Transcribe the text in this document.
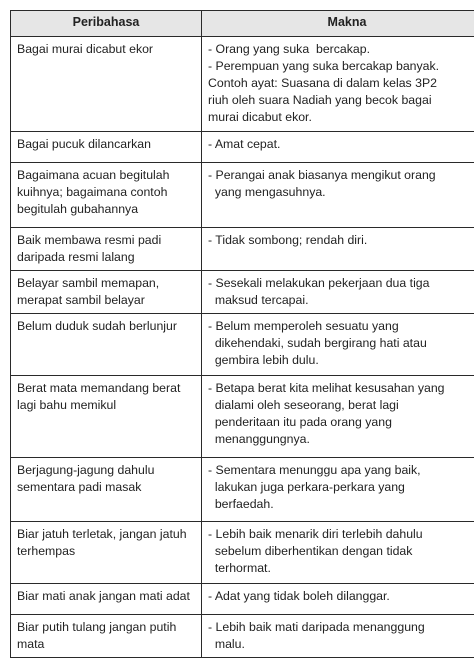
Peribahasa	Makna

Bagai murai dicabut ekor	- Orang yang suka  bercakap.
- Perempuan yang suka bercakap banyak.
Contoh ayat: Suasana di dalam kelas 3P2
riuh oleh suara Nadiah yang becok bagai
murai dicabut ekor.

Bagai pucuk dilancarkan	- Amat cepat.

Bagaimana acuan begitulah
kuihnya; bagaimana contoh
begitulah gubahannya	- Perangai anak biasanya mengikut orang
yang mengasuhnya.

Baik membawa resmi padi
daripada resmi lalang	- Tidak sombong; rendah diri.

Belayar sambil memapan,
merapat sambil belayar	- Sesekali melakukan pekerjaan dua tiga
maksud tercapai.

Belum duduk sudah berlunjur	- Belum memperoleh sesuatu yang
dikehendaki, sudah bergirang hati atau
gembira lebih dulu.

Berat mata memandang berat
lagi bahu memikul	- Betapa berat kita melihat kesusahan yang
dialami oleh seseorang, berat lagi
penderitaan itu pada orang yang
menanggungnya.

Berjagung-jagung dahulu
sementara padi masak	- Sementara menunggu apa yang baik,
lakukan juga perkara-perkara yang
berfaedah.

Biar jatuh terletak, jangan jatuh
terhempas	- Lebih baik menarik diri terlebih dahulu
sebelum diberhentikan dengan tidak
terhormat.

Biar mati anak jangan mati adat	- Adat yang tidak boleh dilanggar.

Biar putih tulang jangan putih
mata	- Lebih baik mati daripada menanggung
malu.
